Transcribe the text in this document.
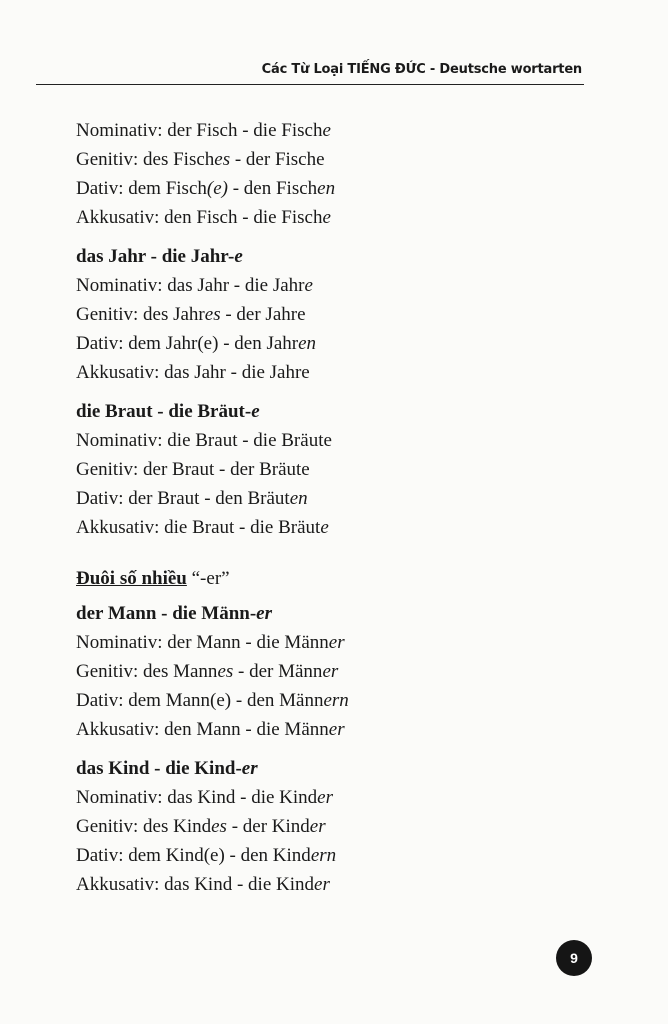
Các Từ Loại TIẾNG ĐỨC - Deutsche wortarten
Nominativ: der Fisch - die Fische
Genitiv: des Fisches - der Fische
Dativ: dem Fisch(e) - den Fischen
Akkusativ: den Fisch - die Fische
das Jahr - die Jahr-e
Nominativ: das Jahr - die Jahre
Genitiv: des Jahres - der Jahre
Dativ: dem Jahr(e) - den Jahren
Akkusativ: das Jahr - die Jahre
die Braut - die Bräut-e
Nominativ: die Braut - die Bräute
Genitiv: der Braut - der Bräute
Dativ: der Braut - den Bräuten
Akkusativ: die Braut - die Bräute
Đuôi số nhiều “-er”
der Mann - die Männ-er
Nominativ: der Mann - die Männer
Genitiv: des Mannes - der Männer
Dativ: dem Mann(e) - den Männern
Akkusativ: den Mann - die Männer
das Kind - die Kind-er
Nominativ: das Kind - die Kinder
Genitiv: des Kindes - der Kinder
Dativ: dem Kind(e) - den Kindern
Akkusativ: das Kind - die Kinder
9
